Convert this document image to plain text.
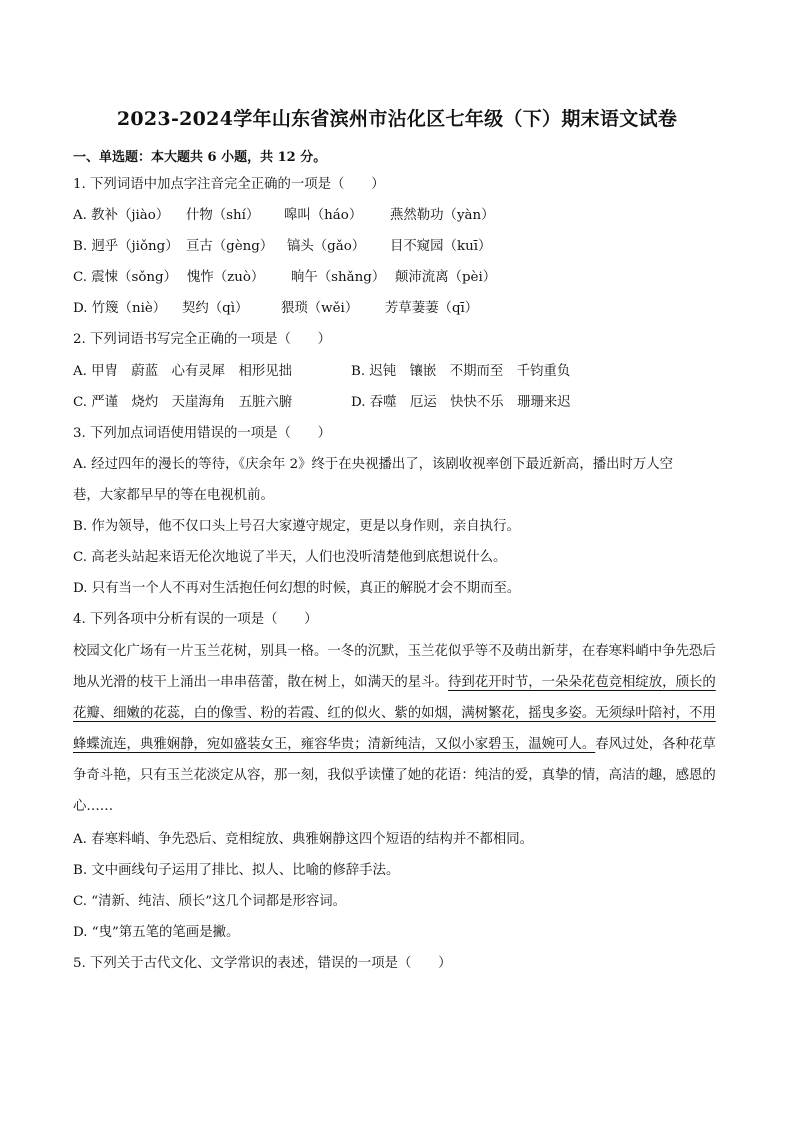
2023-2024学年山东省滨州市沾化区七年级（下）期末语文试卷
一、单选题：本大题共 6 小题，共 12 分。
1. 下列词语中加点字注音完全正确的一项是（　　）
A. 教补（jiào） 什物（shí） 嗥叫（háo） 燕然勒功（yàn）
B. 迥乎（jiǒng） 亘古（gèng） 镐头（gǎo） 目不窥园（kuī）
C. 震悚（sǒng） 愧怍（zuò） 晌午（shǎng） 颠沛流离（pèi）
D. 竹篾（niè） 契约（qì） 猥琐（wěi） 芳草萋萋（qī）
2. 下列词语书写完全正确的一项是（　　）
A. 甲冑　蔚蓝　心有灵犀　相形见拙	B. 迟钝　镶嵌　不期而至　千钧重负
C. 严谨　烧灼　天崖海角　五脏六腑	D. 吞噬　厄运　快快不乐　珊珊来迟
3. 下列加点词语使用错误的一项是（　　）
A. 经过四年的漫长的等待，《庆余年 2》终于在央视播出了，该剧收视率创下最近新高，播出时万人空
巷，大家都早早的等在电视机前。
B. 作为领导，他不仅口头上号召大家遵守规定，更是以身作则，亲自执行。
C. 高老头站起来语无伦次地说了半天，人们也没听清楚他到底想说什么。
D. 只有当一个人不再对生活抱任何幻想的时候，真正的解脱才会不期而至。
4. 下列各项中分析有误的一项是（　　）
校园文化广场有一片玉兰花树，别具一格。一冬的沉默，玉兰花似乎等不及萌出新芽，在春寒料峭中争先恐后地从光滑的枝干上涌出一串串蓓蕾，散在树上，如满天的星斗。待到花开时节，一朵朵花苞竞相绽放，颀长的花瓣、细嫩的花蕊，白的像雪、粉的若霞、红的似火、紫的如烟，满树繁花，摇曳多姿。无须绿叶陪衬，不用蜂蝶流连，典雅娴静，宛如盛装女王，雍容华贵；清新纯洁，又似小家碧玉，温婉可人。春风过处，各种花草争奇斗艳，只有玉兰花淡定从容，那一刻，我似乎读懂了她的花语：纯洁的爱，真挚的情，高洁的趣，感恩的心……
A. 春寒料峭、争先恐后、竞相绽放、典雅娴静这四个短语的结构并不都相同。
B. 文中画线句子运用了排比、拟人、比喻的修辞手法。
C. “清新、纯洁、颀长”这几个词都是形容词。
D. “曳”第五笔的笔画是撇。
5. 下列关于古代文化、文学常识的表述，错误的一项是（　　）
